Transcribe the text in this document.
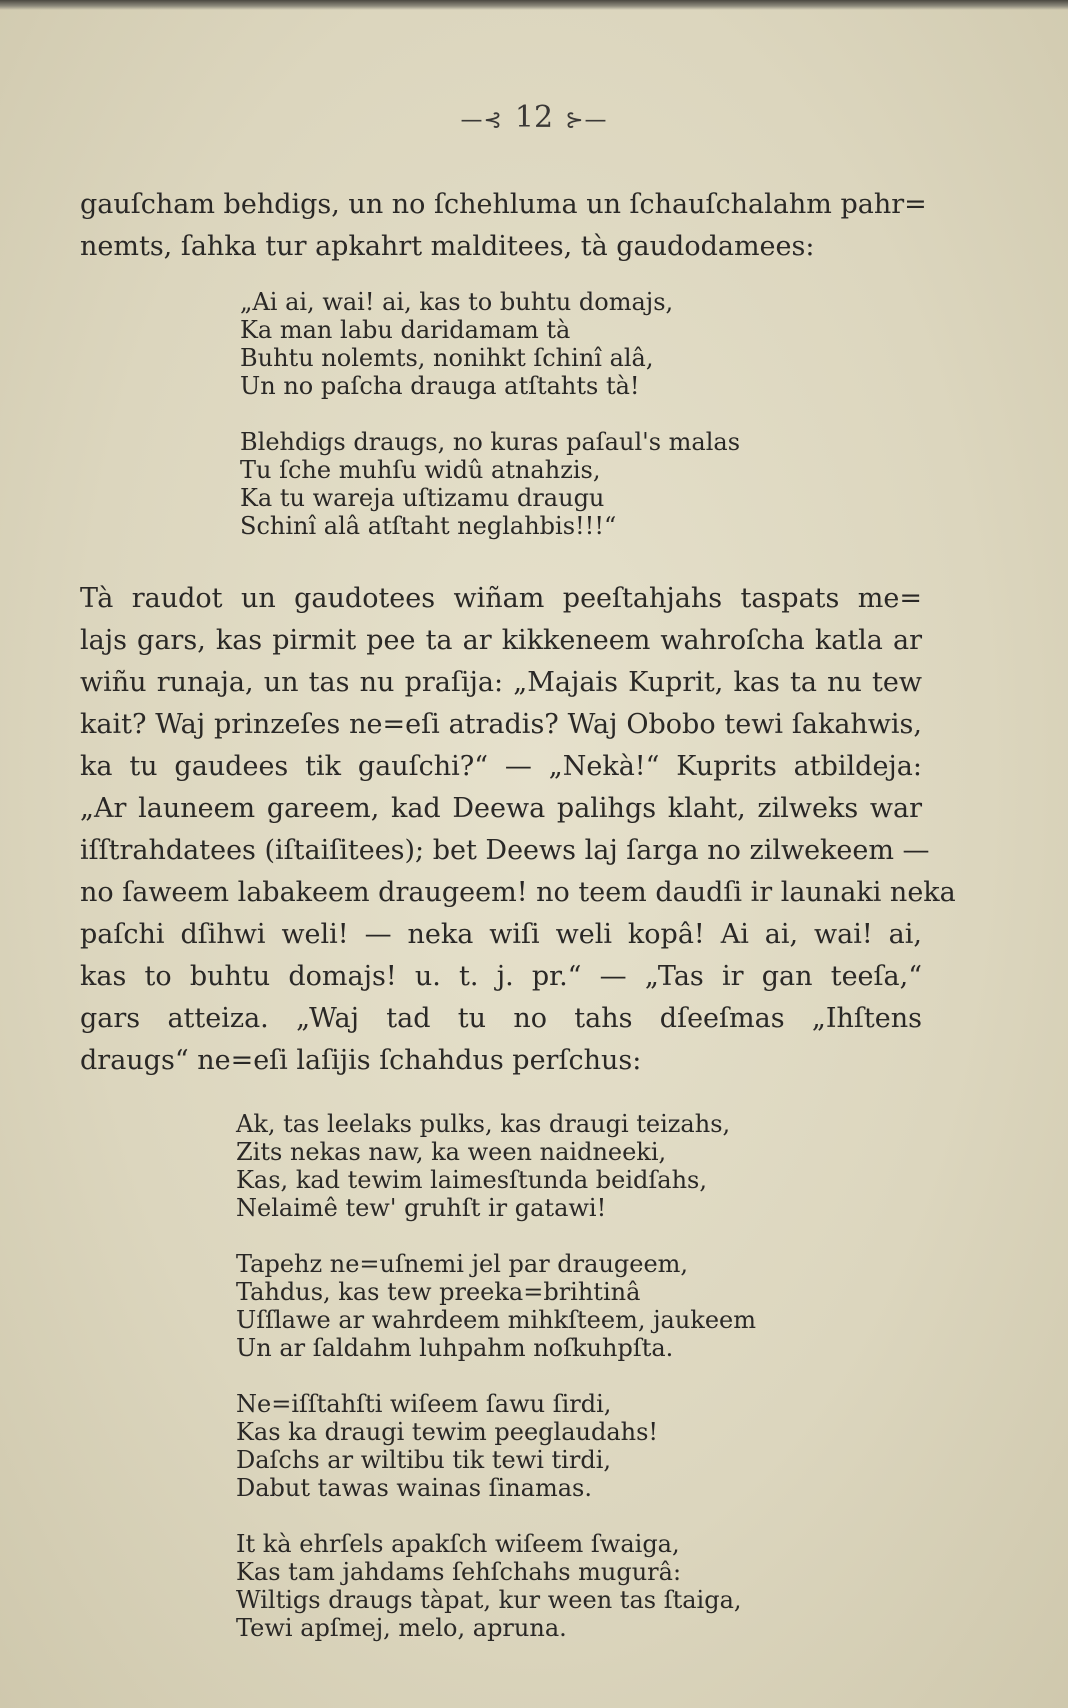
—⊰ 12 ⊱—
gauſcham behdigs, un no ſchehluma un ſchauſchalahm pahr=
nemts, ſahka tur apkahrt malditees, tà gaudodamees:
„Ai ai, wai! ai, kas to buhtu domajs,
Ka man labu daridamam tà
Buhtu nolemts, nonihkt ſchinî alâ,
Un no paſcha drauga atſtahts tà!
Blehdigs draugs, no kuras paſaul's malas
Tu ſche muhſu widû atnahzis,
Ka tu wareja uſtizamu draugu
Schinî alâ atſtaht neglahbis!!!“
Tà raudot un gaudotees wiñam peeſtahjahs taspats me=
lajs gars, kas pirmit pee ta ar kikkeneem wahroſcha katla ar
wiñu runaja, un tas nu praſija: „Majais Kuprit, kas ta nu tew
kait? Waj prinzeſes ne=eſi atradis? Waj Obobo tewi ſakahwis,
ka tu gaudees tik gauſchi?“ — „Nekà!“ Kuprits atbildeja:
„Ar launeem gareem, kad Deewa palihgs klaht, zilweks war
iſſtrahdatees (iſtaiſitees); bet Deews laj ſarga no zilwekeem —
no ſaweem labakeem draugeem! no teem daudſi ir launaki neka
paſchi dſihwi weli! — neka wiſi weli kopâ! Ai ai, wai! ai,
kas to buhtu domajs! u. t. j. pr.“ — „Tas ir gan teeſa,“
gars atteiza. „Waj tad tu no tahs dſeeſmas „Ihſtens
draugs“ ne=eſi laſijis ſchahdus perſchus:
Ak, tas leelaks pulks, kas draugi teizahs,
Zits nekas naw, ka ween naidneeki,
Kas, kad tewim laimesſtunda beidſahs,
Nelaimê tew' gruhſt ir gatawi!
Tapehz ne=uſnemi jel par draugeem,
Tahdus, kas tew preeka=brihtinâ
Uſſlawe ar wahrdeem mihkſteem, jaukeem
Un ar ſaldahm luhpahm noſkuhpſta.
Ne=iſſtahſti wiſeem ſawu ſirdi,
Kas ka draugi tewim peeglaudahs!
Daſchs ar wiltibu tik tewi tirdi,
Dabut tawas wainas ſinamas.
It kà ehrſels apakſch wiſeem ſwaiga,
Kas tam jahdams ſehſchahs mugurâ:
Wiltigs draugs tàpat, kur ween tas ſtaiga,
Tewi apſmej, melo, apruna.
